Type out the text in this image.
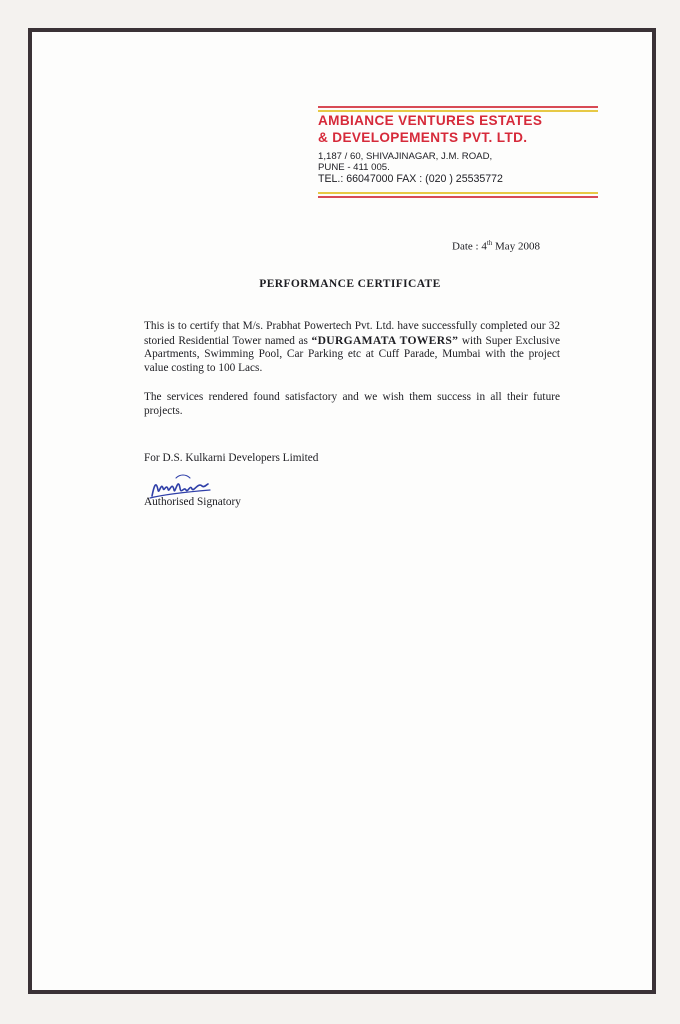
AMBIANCE VENTURES ESTATES
& DEVELOPEMENTS PVT. LTD.
1,187 / 60, SHIVAJINAGAR, J.M. ROAD,
PUNE - 411 005.
TEL.: 66047000 FAX : (020 ) 25535772
Date : 4th May 2008
PERFORMANCE CERTIFICATE
This is to certify that M/s. Prabhat Powertech Pvt. Ltd. have successfully completed our 32 storied Residential Tower named as “DURGAMATA TOWERS” with Super Exclusive Apartments, Swimming Pool, Car Parking etc at Cuff Parade, Mumbai with the project value costing to 100 Lacs.
The services rendered found satisfactory and we wish them success in all their future projects.
For D.S. Kulkarni Developers Limited
Authorised Signatory
